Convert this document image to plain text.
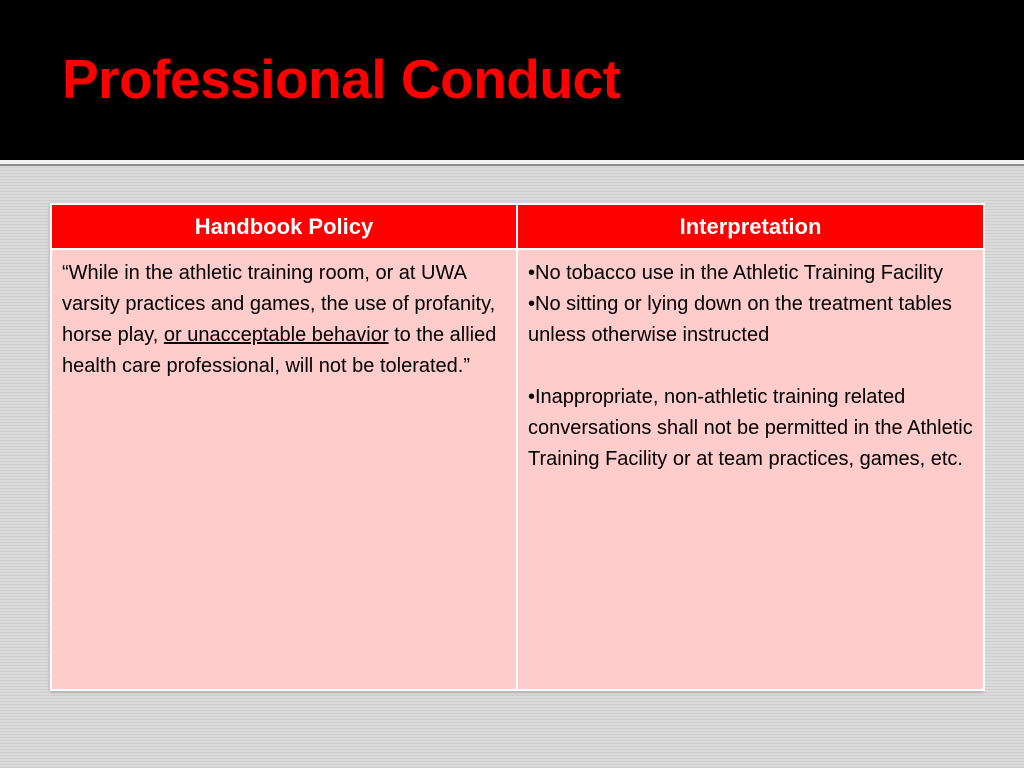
Professional Conduct
Handbook Policy	Interpretation
“While in the athletic training room, or at UWA varsity practices and games, the use of profanity, horse play, or unacceptable behavior to the allied health care professional, will not be tolerated.”	•No tobacco use in the Athletic Training Facility

•No sitting or lying down on the treatment tables unless otherwise instructed

•Inappropriate, non-athletic training related conversations shall not be permitted in the Athletic Training Facility or at team practices, games, etc.
